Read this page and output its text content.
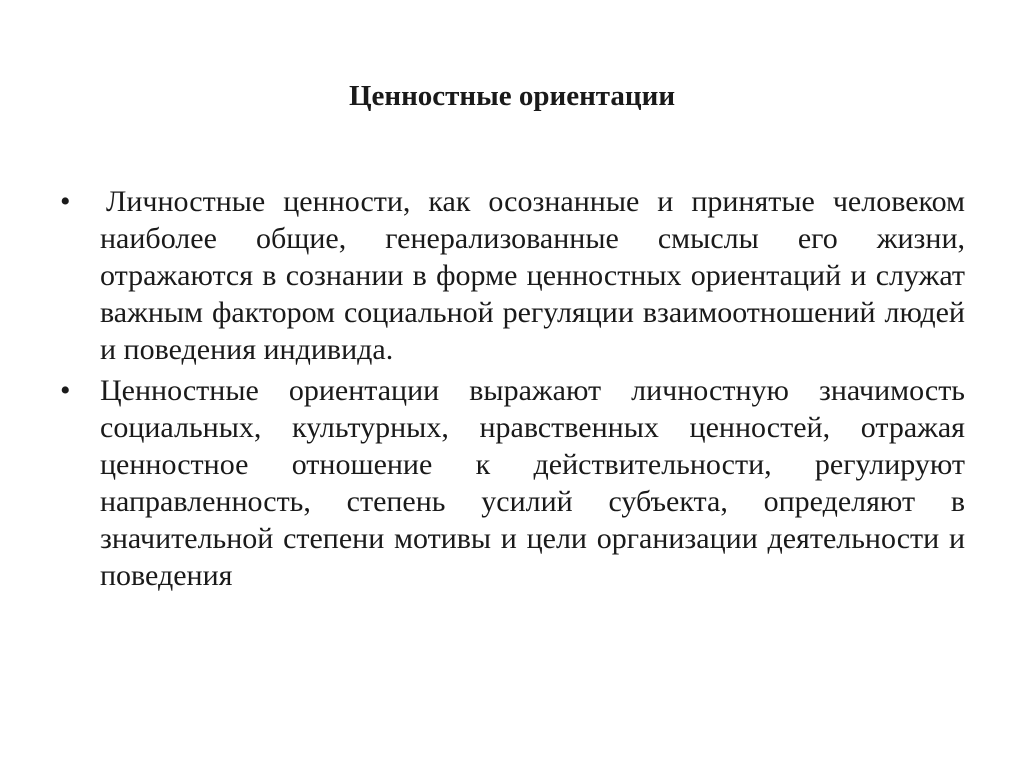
Ценностные ориентации
• Личностные ценности, как осознанные и принятые человеком наиболее общие, генерализованные смыслы его жизни, отражаются в сознании в форме ценностных ориентаций и служат важным фактором социальной регуляции взаимоотношений людей и поведения индивида.
• Ценностные ориентации выражают личностную значимость социальных, культурных, нравственных ценностей, отражая ценностное отношение к действительности, регулируют направленность, степень усилий субъекта, определяют в значительной степени мотивы и цели организации деятельности и поведения
